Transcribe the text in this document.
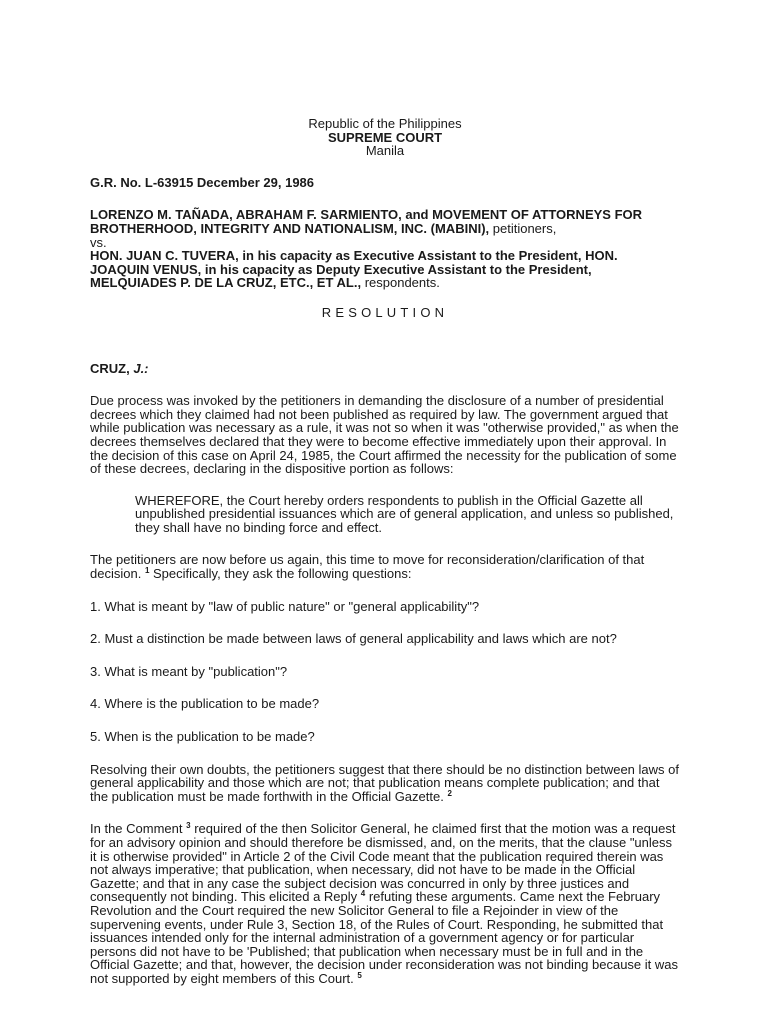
Republic of the Philippines
SUPREME COURT
Manila
G.R. No. L-63915 December 29, 1986
LORENZO M. TAÑADA, ABRAHAM F. SARMIENTO, and MOVEMENT OF ATTORNEYS FOR BROTHERHOOD, INTEGRITY AND NATIONALISM, INC. (MABINI), petitioners,
vs.
HON. JUAN C. TUVERA, in his capacity as Executive Assistant to the President, HON. JOAQUIN VENUS, in his capacity as Deputy Executive Assistant to the President, MELQUIADES P. DE LA CRUZ, ETC., ET AL., respondents.
RESOLUTION
CRUZ, J.:

Due process was invoked by the petitioners in demanding the disclosure of a number of presidential decrees which they claimed had not been published as required by law. The government argued that while publication was necessary as a rule, it was not so when it was "otherwise provided," as when the decrees themselves declared that they were to become effective immediately upon their approval. In the decision of this case on April 24, 1985, the Court affirmed the necessity for the publication of some of these decrees, declaring in the dispositive portion as follows:

WHEREFORE, the Court hereby orders respondents to publish in the Official Gazette all unpublished presidential issuances which are of general application, and unless so published, they shall have no binding force and effect.

The petitioners are now before us again, this time to move for reconsideration/clarification of that decision. $^1$ Specifically, they ask the following questions:

1. What is meant by "law of public nature" or "general applicability"?

2. Must a distinction be made between laws of general applicability and laws which are not?

3. What is meant by "publication"?

4. Where is the publication to be made?

5. When is the publication to be made?

Resolving their own doubts, the petitioners suggest that there should be no distinction between laws of general applicability and those which are not; that publication means complete publication; and that the publication must be made forthwith in the Official Gazette. $^2$

In the Comment $^3$ required of the then Solicitor General, he claimed first that the motion was a request for an advisory opinion and should therefore be dismissed, and, on the merits, that the clause "unless it is otherwise provided" in Article 2 of the Civil Code meant that the publication required therein was not always imperative; that publication, when necessary, did not have to be made in the Official Gazette; and that in any case the subject decision was concurred in only by three justices and consequently not binding. This elicited a Reply $^4$ refuting these arguments. Came next the February Revolution and the Court required the new Solicitor General to file a Rejoinder in view of the supervening events, under Rule 3, Section 18, of the Rules of Court. Responding, he submitted that issuances intended only for the internal administration of a government agency or for particular persons did not have to be 'Published; that publication when necessary must be in full and in the Official Gazette; and that, however, the decision under reconsideration was not binding because it was not supported by eight members of this Court. $^5$
